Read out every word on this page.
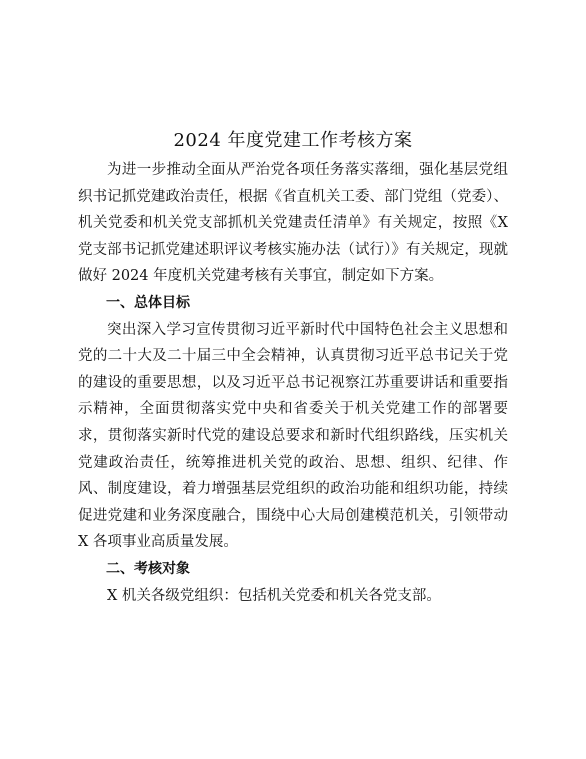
2024 年度党建工作考核方案

为进一步推动全面从严治党各项任务落实落细，强化基层党组织书记抓党建政治责任，根据《省直机关工委、部门党组（党委）、机关党委和机关党支部抓机关党建责任清单》有关规定，按照《X 党支部书记抓党建述职评议考核实施办法（试行）》有关规定，现就做好 2024 年度机关党建考核有关事宜，制定如下方案。

一、总体目标

突出深入学习宣传贯彻习近平新时代中国特色社会主义思想和党的二十大及二十届三中全会精神，认真贯彻习近平总书记关于党的建设的重要思想，以及习近平总书记视察江苏重要讲话和重要指示精神，全面贯彻落实党中央和省委关于机关党建工作的部署要求，贯彻落实新时代党的建设总要求和新时代组织路线，压实机关党建政治责任，统筹推进机关党的政治、思想、组织、纪律、作风、制度建设，着力增强基层党组织的政治功能和组织功能，持续促进党建和业务深度融合，围绕中心大局创建模范机关，引领带动 X 各项事业高质量发展。

二、考核对象

X 机关各级党组织：包括机关党委和机关各党支部。
